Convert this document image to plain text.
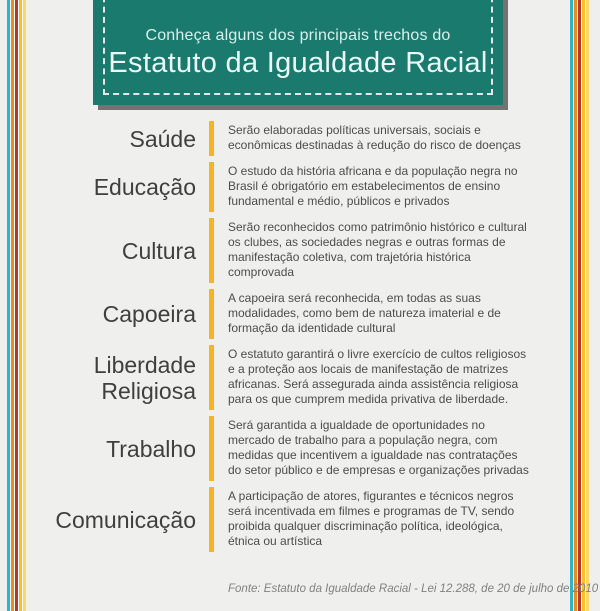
Conheça alguns dos principais trechos do
Estatuto da Igualdade Racial
Saúde	Serão elaboradas políticas universais, sociais e econômicas destinadas à redução do risco de doenças
Educação
O estudo da história africana e da população negra no Brasil é obrigatório em estabelecimentos de ensino fundamental e médio, públicos e privados
Cultura
Serão reconhecidos como patrimônio histórico e cultural os clubes, as sociedades negras e outras formas de manifestação coletiva, com trajetória histórica comprovada
Capoeira
A capoeira será reconhecida, em todas as suas modalidades, como bem de natureza imaterial e de formação da identidade cultural
Liberdade Religiosa
O estatuto garantirá o livre exercício de cultos religiosos e a proteção aos locais de manifestação de matrizes africanas. Será assegurada ainda assistência religiosa para os que cumprem medida privativa de liberdade.
Trabalho
Será garantida a igualdade de oportunidades no mercado de trabalho para a população negra, com medidas que incentivem a igualdade nas contratações do setor público e de empresas e organizações privadas
Comunicação
A participação de atores, figurantes e técnicos negros será incentivada em filmes e programas de TV, sendo proibida qualquer discriminação política, ideológica, étnica ou artística
Fonte: Estatuto da Igualdade Racial - Lei 12.288, de 20 de julho de 2010
